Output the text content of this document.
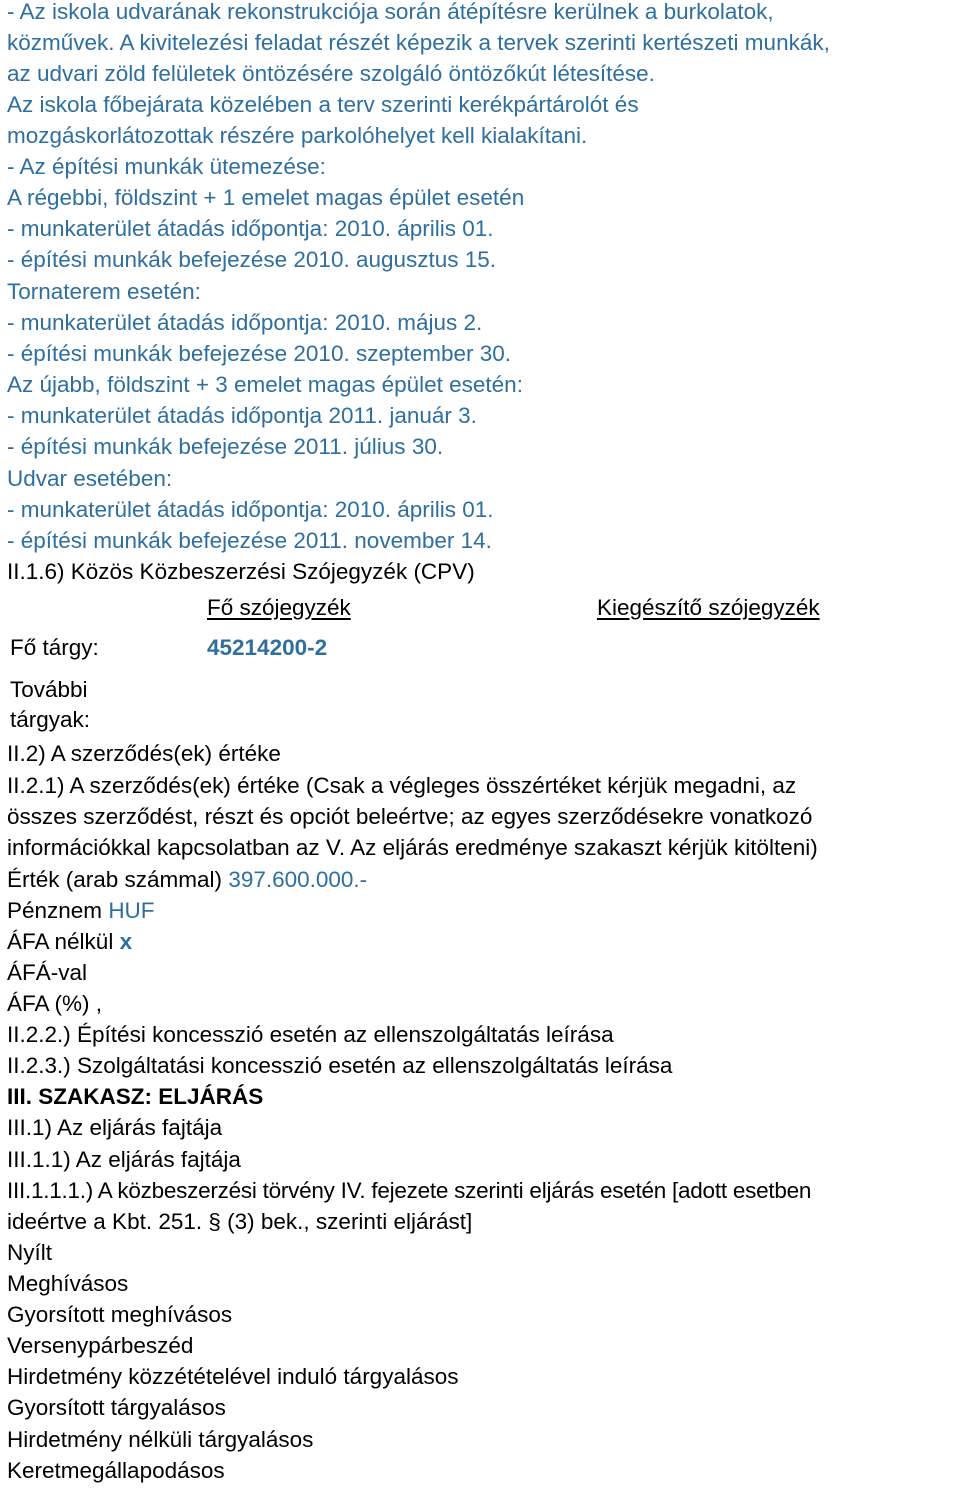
- Az iskola udvarának rekonstrukciója során átépítésre kerülnek a burkolatok,
közművek. A kivitelezési feladat részét képezik a tervek szerinti kertészeti munkák,
az udvari zöld felületek öntözésére szolgáló öntözőkút létesítése.
Az iskola főbejárata közelében a terv szerinti kerékpártárolót és
mozgáskorlátozottak részére parkolóhelyet kell kialakítani.
- Az építési munkák ütemezése:
A régebbi, földszint + 1 emelet magas épület esetén
- munkaterület átadás időpontja: 2010. április 01.
- építési munkák befejezése 2010. augusztus 15.
Tornaterem esetén:
- munkaterület átadás időpontja: 2010. május 2.
- építési munkák befejezése 2010. szeptember 30.
Az újabb, földszint + 3 emelet magas épület esetén:
- munkaterület átadás időpontja 2011. január 3.
- építési munkák befejezése 2011. július 30.
Udvar esetében:
- munkaterület átadás időpontja: 2010. április 01.
- építési munkák befejezése 2011. november 14.
II.1.6) Közös Közbeszerzési Szójegyzék (CPV)
Fő szójegyzék	Kiegészítő szójegyzék
Fő tárgy:	45214200-2
További
tárgyak:
II.2) A szerződés(ek) értéke
II.2.1) A szerződés(ek) értéke (Csak a végleges összértéket kérjük megadni, az
összes szerződést, részt és opciót beleértve; az egyes szerződésekre vonatkozó
információkkal kapcsolatban az V. Az eljárás eredménye szakaszt kérjük kitölteni)
Érték (arab számmal) 397.600.000.-
Pénznem HUF
ÁFA nélkül x
ÁFÁ-val
ÁFA (%) ,
II.2.2.) Építési koncesszió esetén az ellenszolgáltatás leírása
II.2.3.) Szolgáltatási koncesszió esetén az ellenszolgáltatás leírása
III. SZAKASZ: ELJÁRÁS
III.1) Az eljárás fajtája
III.1.1) Az eljárás fajtája
III.1.1.1.) A közbeszerzési törvény IV. fejezete szerinti eljárás esetén [adott esetben
ideértve a Kbt. 251. § (3) bek., szerinti eljárást]
Nyílt
Meghívásos
Gyorsított meghívásos
Versenypárbeszéd
Hirdetmény közzétételével induló tárgyalásos
Gyorsított tárgyalásos
Hirdetmény nélküli tárgyalásos
Keretmegállapodásos
